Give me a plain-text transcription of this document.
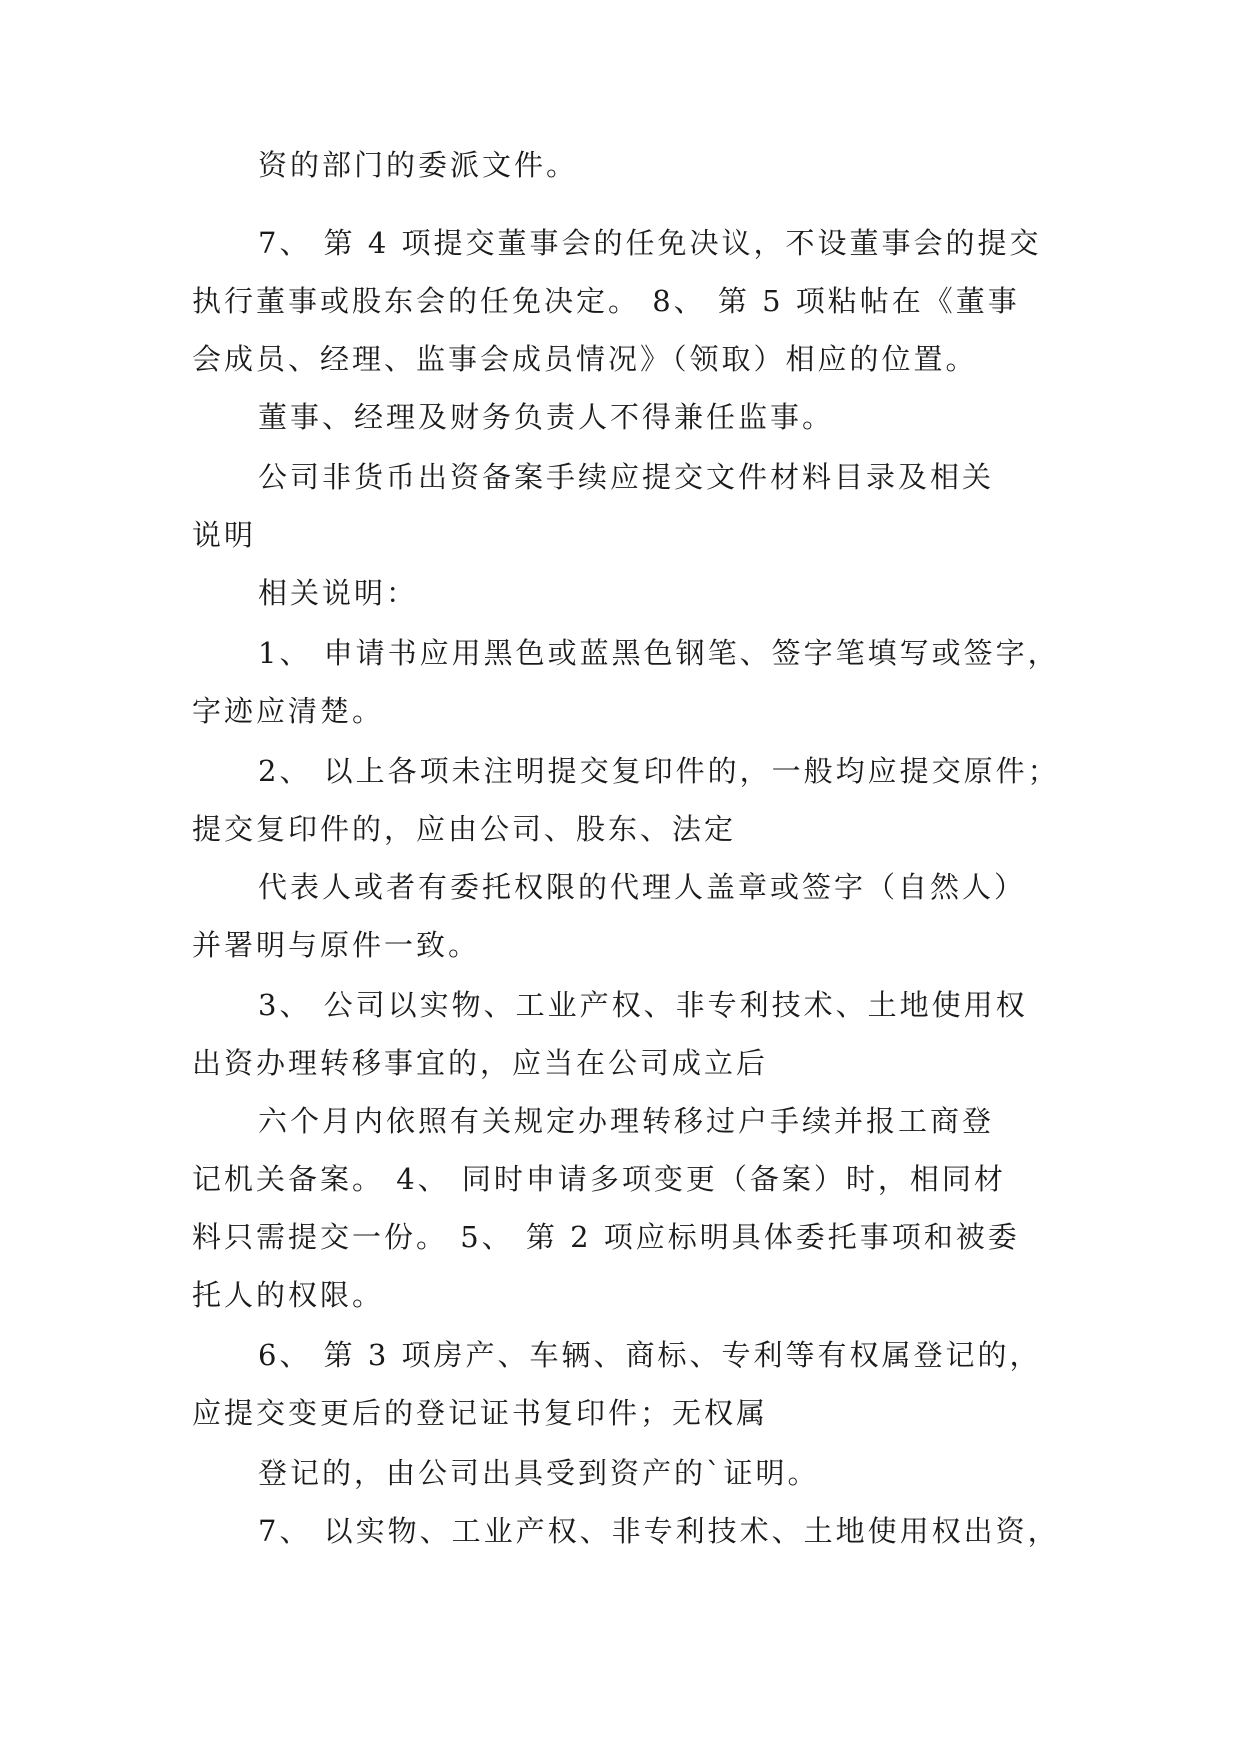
资的部门的委派文件。
7、 第 4 项提交董事会的任免决议，不设董事会的提交
执行董事或股东会的任免决定。 8、 第 5 项粘帖在《董事
会成员、经理、监事会成员情况》（领取）相应的位置。
董事、经理及财务负责人不得兼任监事。
公司非货币出资备案手续应提交文件材料目录及相关
说明
相关说明：
1、 申请书应用黑色或蓝黑色钢笔、签字笔填写或签字，
字迹应清楚。
2、 以上各项未注明提交复印件的，一般均应提交原件；
提交复印件的，应由公司、股东、法定
代表人或者有委托权限的代理人盖章或签字（自然人）
并署明与原件一致。
3、 公司以实物、工业产权、非专利技术、土地使用权
出资办理转移事宜的，应当在公司成立后
六个月内依照有关规定办理转移过户手续并报工商登
记机关备案。 4、 同时申请多项变更（备案）时，相同材
料只需提交一份。 5、 第 2 项应标明具体委托事项和被委
托人的权限。
6、 第 3 项房产、车辆、商标、专利等有权属登记的，
应提交变更后的登记证书复印件；无权属
登记的，由公司出具受到资产的`证明。
7、 以实物、工业产权、非专利技术、土地使用权出资，
